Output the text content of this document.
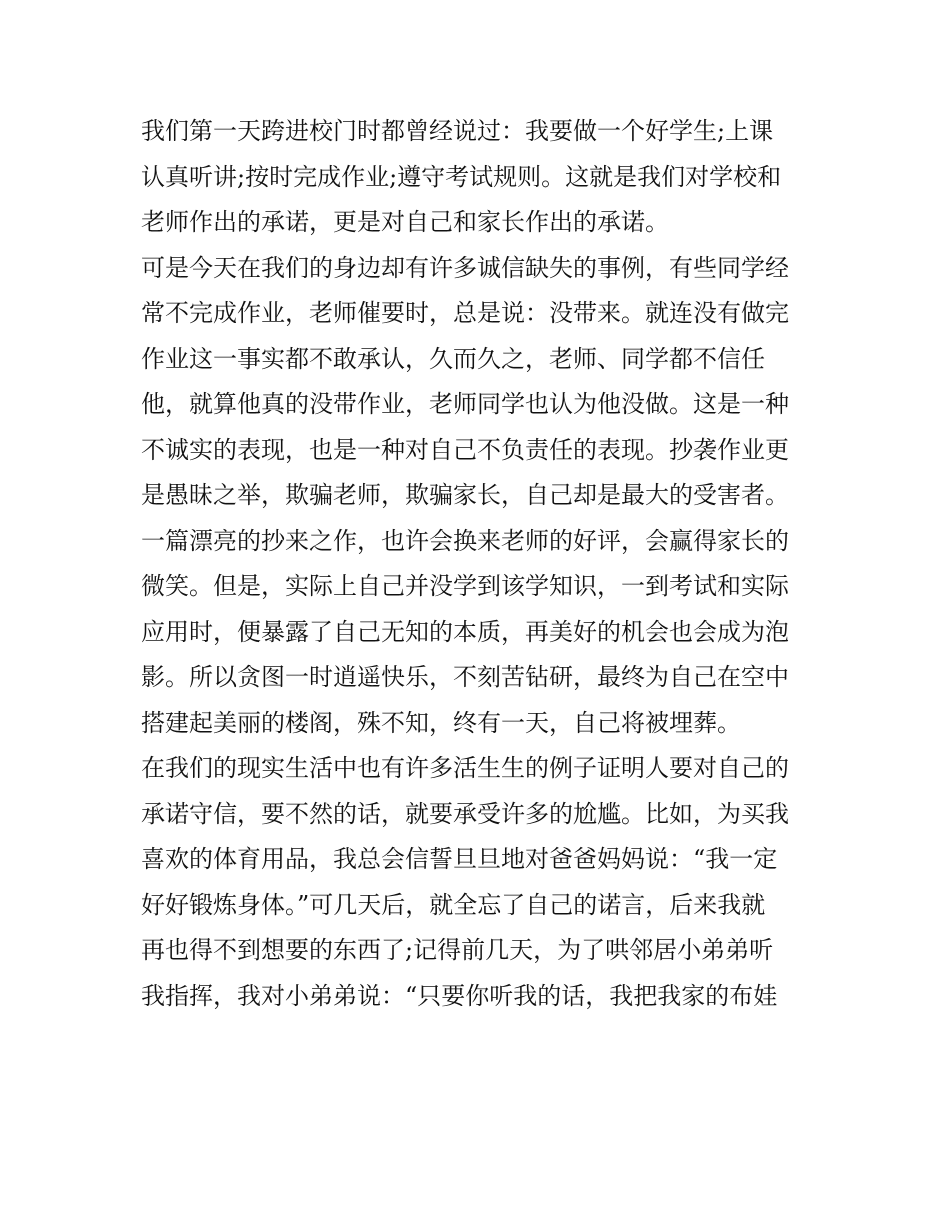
我们第一天跨进校门时都曾经说过：我要做一个好学生;上课
认真听讲;按时完成作业;遵守考试规则。这就是我们对学校和
老师作出的承诺，更是对自己和家长作出的承诺。
可是今天在我们的身边却有许多诚信缺失的事例，有些同学经
常不完成作业，老师催要时，总是说：没带来。就连没有做完
作业这一事实都不敢承认，久而久之，老师、同学都不信任
他，就算他真的没带作业，老师同学也认为他没做。这是一种
不诚实的表现，也是一种对自己不负责任的表现。抄袭作业更
是愚昧之举，欺骗老师，欺骗家长，自己却是最大的受害者。
一篇漂亮的抄来之作，也许会换来老师的好评，会赢得家长的
微笑。但是，实际上自己并没学到该学知识，一到考试和实际
应用时，便暴露了自己无知的本质，再美好的机会也会成为泡
影。所以贪图一时逍遥快乐，不刻苦钻研，最终为自己在空中
搭建起美丽的楼阁，殊不知，终有一天，自己将被埋葬。
在我们的现实生活中也有许多活生生的例子证明人要对自己的
承诺守信，要不然的话，就要承受许多的尬尴。比如，为买我
喜欢的体育用品，我总会信誓旦旦地对爸爸妈妈说：“我一定
好好锻炼身体。”可几天后，就全忘了自己的诺言，后来我就
再也得不到想要的东西了;记得前几天，为了哄邻居小弟弟听
我指挥，我对小弟弟说：“只要你听我的话，我把我家的布娃
